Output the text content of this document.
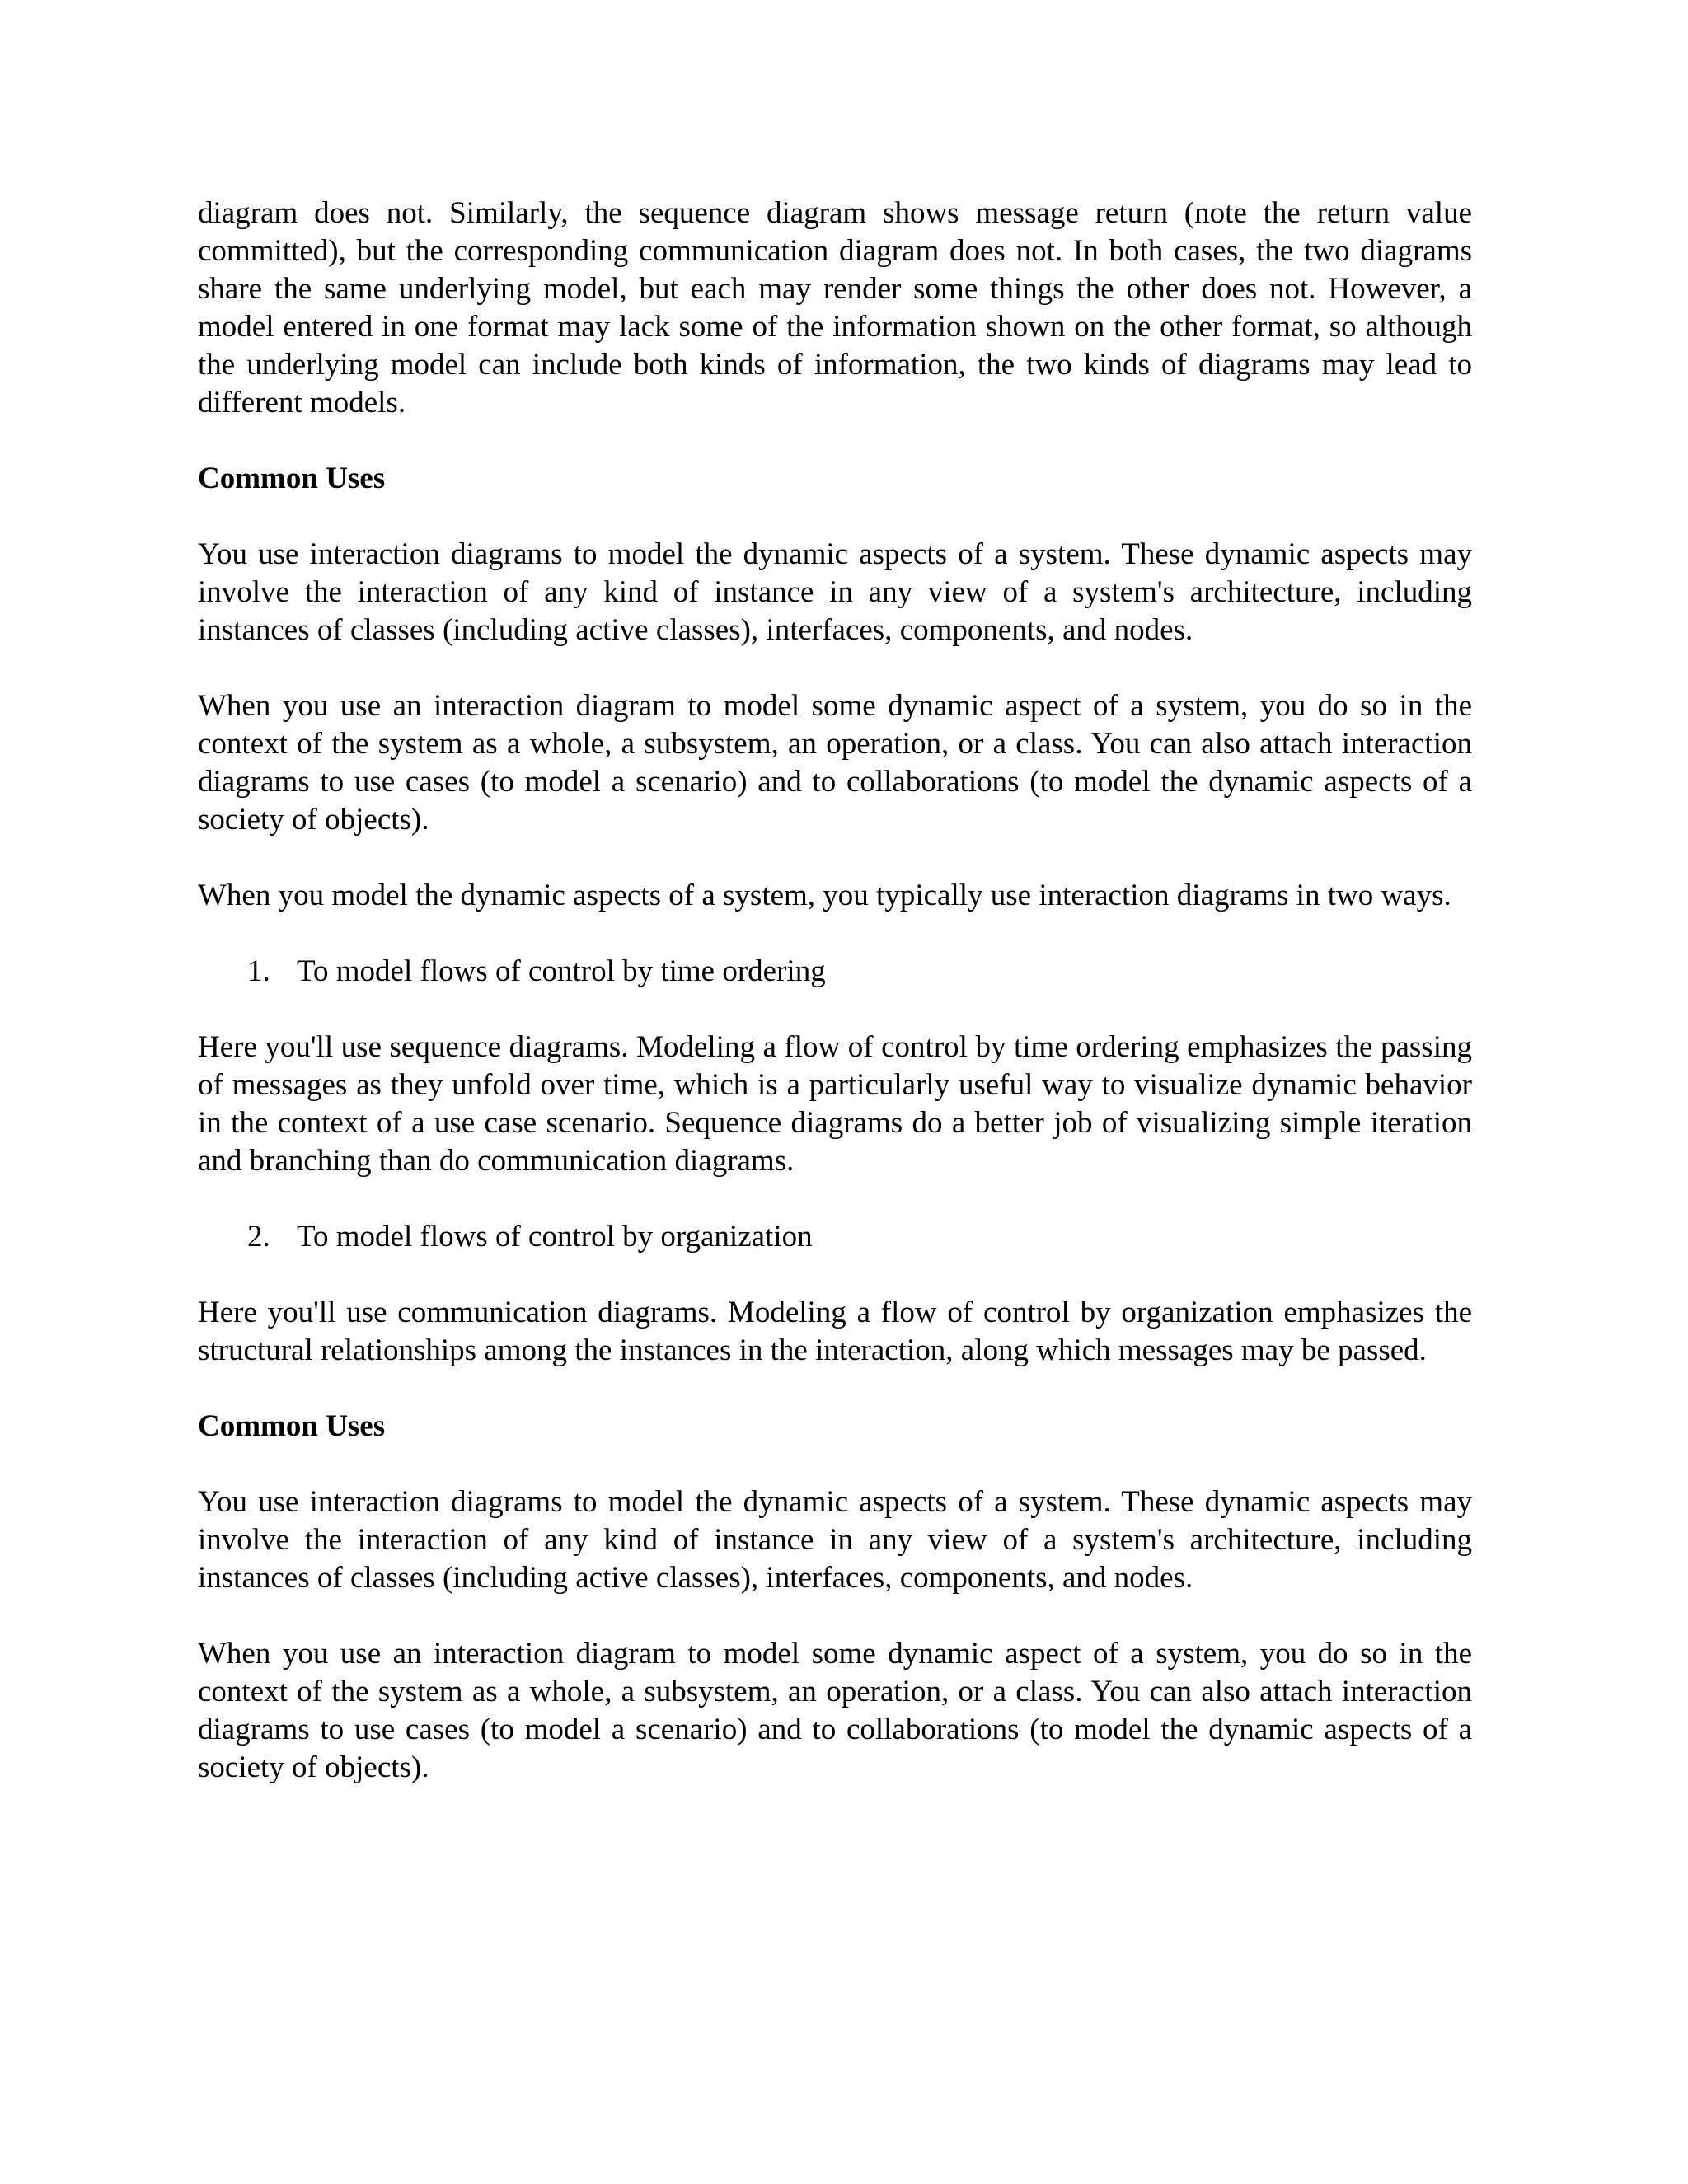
diagram does not. Similarly, the sequence diagram shows message return (note the return value committed), but the corresponding communication diagram does not. In both cases, the two diagrams share the same underlying model, but each may render some things the other does not. However, a model entered in one format may lack some of the information shown on the other format, so although the underlying model can include both kinds of information, the two kinds of diagrams may lead to different models.

Common Uses

You use interaction diagrams to model the dynamic aspects of a system. These dynamic aspects may involve the interaction of any kind of instance in any view of a system's architecture, including instances of classes (including active classes), interfaces, components, and nodes.

When you use an interaction diagram to model some dynamic aspect of a system, you do so in the context of the system as a whole, a subsystem, an operation, or a class. You can also attach interaction diagrams to use cases (to model a scenario) and to collaborations (to model the dynamic aspects of a society of objects).

When you model the dynamic aspects of a system, you typically use interaction diagrams in two ways.

1. To model flows of control by time ordering

Here you'll use sequence diagrams. Modeling a flow of control by time ordering emphasizes the passing of messages as they unfold over time, which is a particularly useful way to visualize dynamic behavior in the context of a use case scenario. Sequence diagrams do a better job of visualizing simple iteration and branching than do communication diagrams.

2. To model flows of control by organization

Here you'll use communication diagrams. Modeling a flow of control by organization emphasizes the structural relationships among the instances in the interaction, along which messages may be passed.

Common Uses

You use interaction diagrams to model the dynamic aspects of a system. These dynamic aspects may involve the interaction of any kind of instance in any view of a system's architecture, including instances of classes (including active classes), interfaces, components, and nodes.

When you use an interaction diagram to model some dynamic aspect of a system, you do so in the context of the system as a whole, a subsystem, an operation, or a class. You can also attach interaction diagrams to use cases (to model a scenario) and to collaborations (to model the dynamic aspects of a society of objects).
